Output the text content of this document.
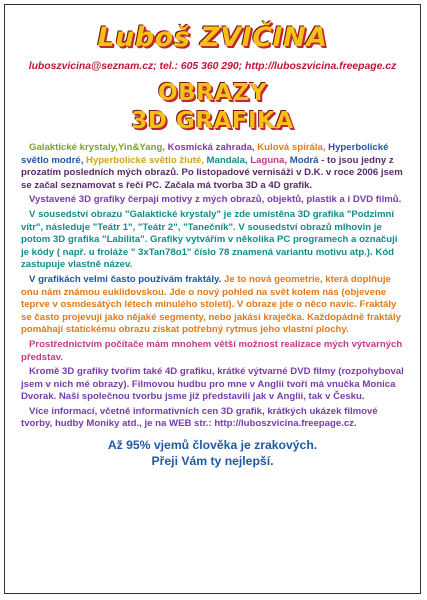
Luboš ZVIČINA
luboszvicina@seznam.cz; tel.: 605 360 290; http://luboszvicina.freepage.cz
OBRAZY
3D GRAFIKA

Galaktické krystaly,Yin&Yang, Kosmická zahrada, Kulová spirála, Hyperbolické světlo modré, Hyperbolické světlo žluté, Mandala, Laguna, Modrá - to jsou jedny z prozatím posledních mých obrazů. Po listopadové vernisáži v D.K. v roce 2006 jsem se začal seznamovat s řečí PC. Začala má tvorba 3D a 4D grafik.

Vystavené 3D grafiky čerpají motivy z mých obrazů, objektů, plastik a i DVD filmů.

V sousedství obrazu "Galaktické krystaly" je zde umístěna 3D grafika "Podzimní vítr", následuje "Teátr 1", "Teátr 2", "Tanečník". V sousedství obrazů mlhovin je potom 3D grafika "Labilita". Grafiky vytvářím v několika PC programech a označuji je kódy ( např. u froláže " 3xTan78o1" číslo 78 znamená variantu motivu atp.). Kód zastupuje vlastně název.

V grafikách velmi často používám fraktály. Je to nová geometrie, která doplňuje onu nám známou euklidovskou. Jde o nový pohled na svět kolem nás (objevene teprve v osmdesátých létech minulého století). V obraze jde o něco navíc. Fraktály se často projevují jako nějaké segmenty, nebo jakási kraječka. Každopádně fraktály pomáhají statickému obrazu získat potřebný rytmus jeho vlastní plochy.

Prostřednictvím počítače mám mnohem větší možnost realizace mých výtvarných představ.

Kromě 3D grafiky tvořím také 4D grafiku, krátké výtvarné DVD filmy (rozpohyboval jsem v nich mé obrazy). Filmovou hudbu pro mne v Anglii tvoří má vnučka Monica Dvorak. Naši společnou tvorbu jsme již představili jak v Anglii, tak v Česku.

Více informací, včetně informativních cen 3D grafik, krátkých ukázek filmové tvorby, hudby Moniky atd., je na WEB str.: http://luboszvicina.freepage.cz.

Až 95% vjemů člověka je zrakových.
Přeji Vám ty nejlepší.
